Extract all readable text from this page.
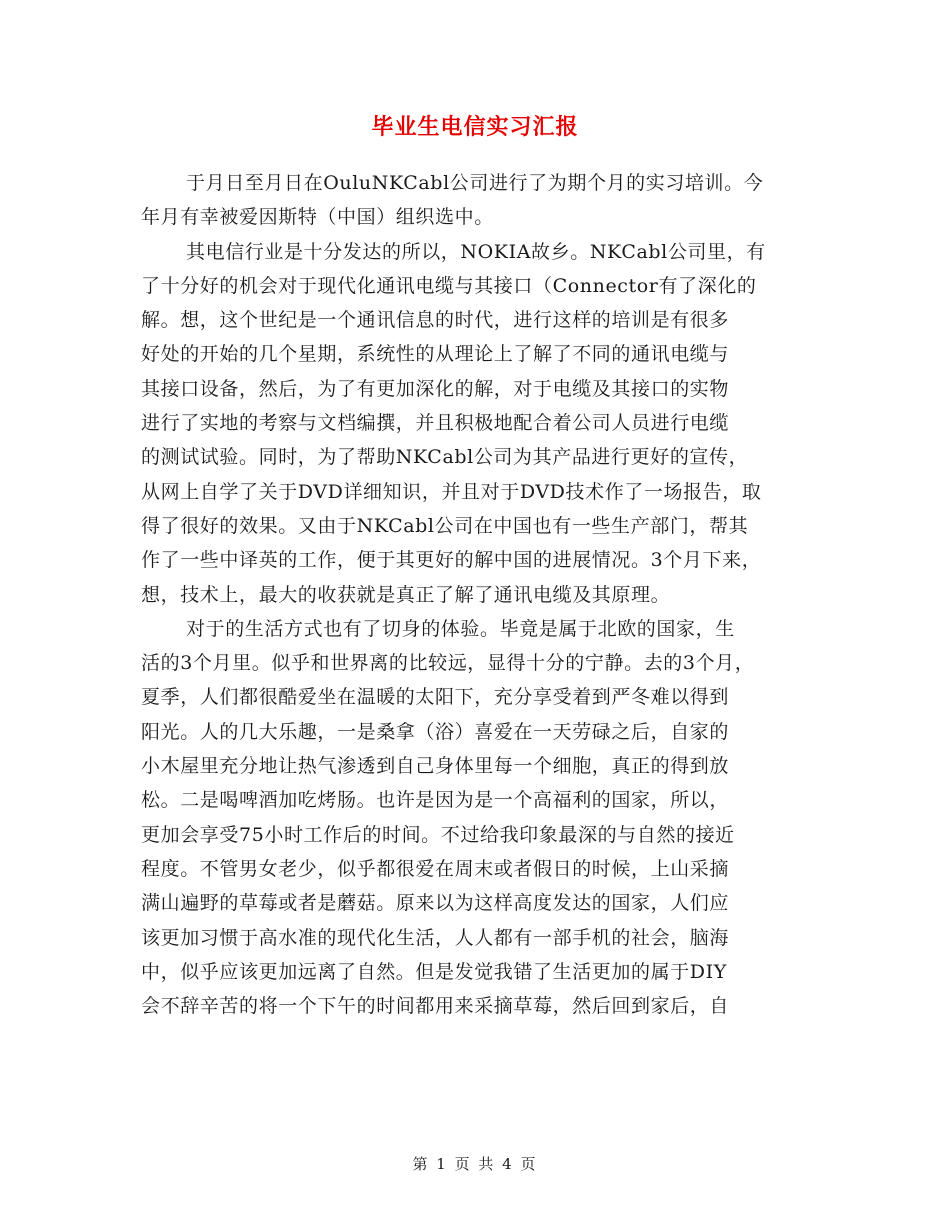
毕业生电信实习汇报
于月日至月日在OuluNKCabl公司进行了为期个月的实习培训。今
年月有幸被爱因斯特（中国）组织选中。
其电信行业是十分发达的所以，NOKIA故乡。NKCabl公司里，有
了十分好的机会对于现代化通讯电缆与其接口（Connector有了深化的
解。想，这个世纪是一个通讯信息的时代，进行这样的培训是有很多
好处的开始的几个星期，系统性的从理论上了解了不同的通讯电缆与
其接口设备，然后，为了有更加深化的解，对于电缆及其接口的实物
进行了实地的考察与文档编撰，并且积极地配合着公司人员进行电缆
的测试试验。同时，为了帮助NKCabl公司为其产品进行更好的宣传，
从网上自学了关于DVD详细知识，并且对于DVD技术作了一场报告，取
得了很好的效果。又由于NKCabl公司在中国也有一些生产部门，帮其
作了一些中译英的工作，便于其更好的解中国的进展情况。3个月下来，
想，技术上，最大的收获就是真正了解了通讯电缆及其原理。
对于的生活方式也有了切身的体验。毕竟是属于北欧的国家，生
活的3个月里。似乎和世界离的比较远，显得十分的宁静。去的3个月，
夏季，人们都很酷爱坐在温暖的太阳下，充分享受着到严冬难以得到
阳光。人的几大乐趣，一是桑拿（浴）喜爱在一天劳碌之后，自家的
小木屋里充分地让热气渗透到自己身体里每一个细胞，真正的得到放
松。二是喝啤酒加吃烤肠。也许是因为是一个高福利的国家，所以，
更加会享受75小时工作后的时间。不过给我印象最深的与自然的接近
程度。不管男女老少，似乎都很爱在周末或者假日的时候，上山采摘
满山遍野的草莓或者是蘑菇。原来以为这样高度发达的国家，人们应
该更加习惯于高水准的现代化生活，人人都有一部手机的社会，脑海
中，似乎应该更加远离了自然。但是发觉我错了生活更加的属于DIY
会不辞辛苦的将一个下午的时间都用来采摘草莓，然后回到家后，自
第 1 页 共 4 页
